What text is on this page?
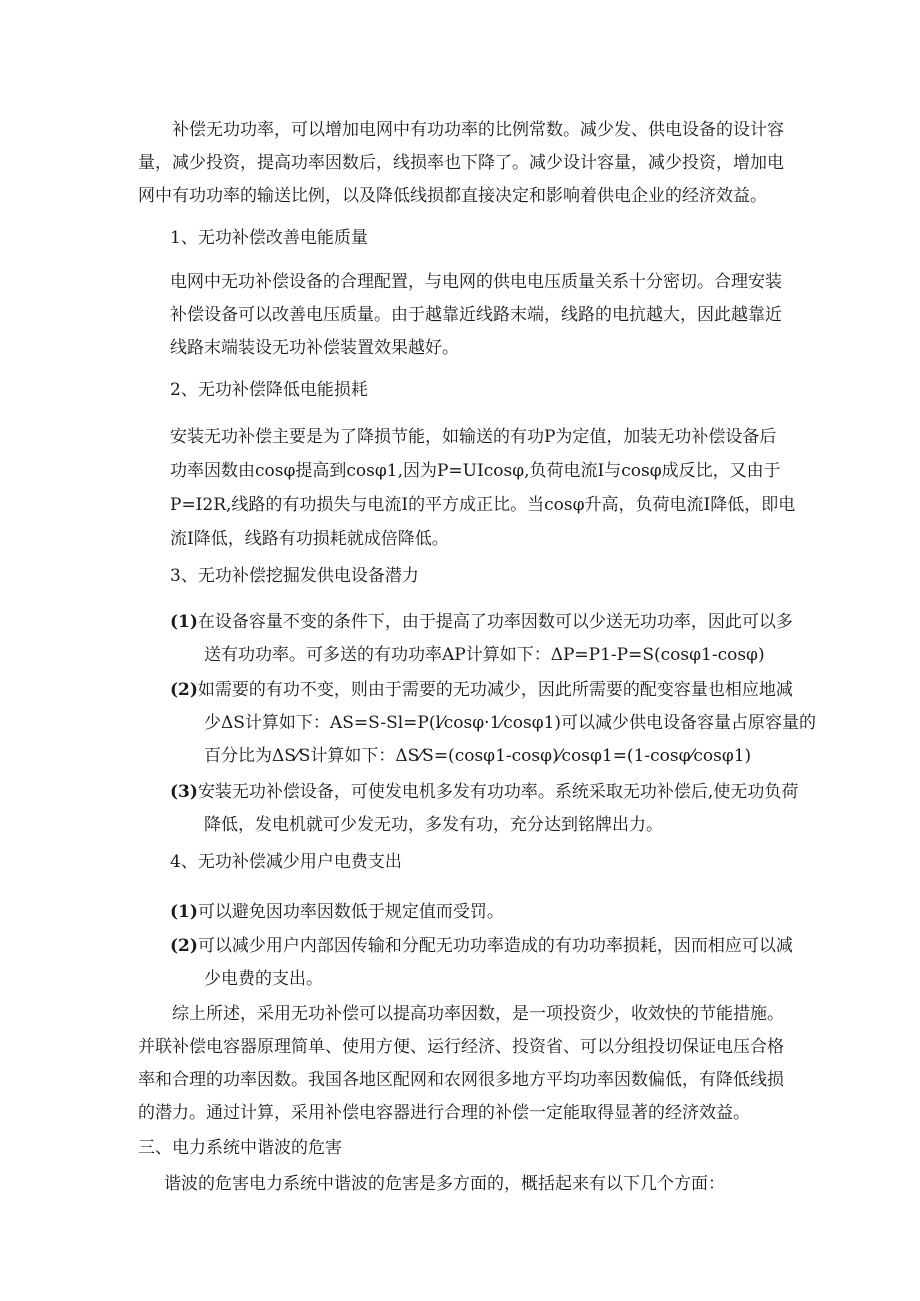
补偿无功功率，可以增加电网中有功功率的比例常数。减少发、供电设备的设计容
量，减少投资，提高功率因数后，线损率也下降了。减少设计容量，减少投资，增加电
网中有功功率的输送比例，以及降低线损都直接决定和影响着供电企业的经济效益。
1、无功补偿改善电能质量
电网中无功补偿设备的合理配置，与电网的供电电压质量关系十分密切。合理安装
补偿设备可以改善电压质量。由于越靠近线路末端，线路的电抗越大，因此越靠近
线路末端装设无功补偿装置效果越好。
2、无功补偿降低电能损耗
安装无功补偿主要是为了降损节能，如输送的有功P为定值，加装无功补偿设备后
功率因数由cosφ提高到cosφ1,因为P=UIcosφ,负荷电流I与cosφ成反比，又由于
P=I2R,线路的有功损失与电流I的平方成正比。当cosφ升高，负荷电流I降低，即电
流I降低，线路有功损耗就成倍降低。
3、无功补偿挖掘发供电设备潜力
(1)在设备容量不变的条件下，由于提高了功率因数可以少送无功功率，因此可以多
送有功功率。可多送的有功功率AP计算如下：ΔP=P1-P=S(cosφ1-cosφ)
(2)如需要的有功不变，则由于需要的无功减少，因此所需要的配变容量也相应地减
少ΔS计算如下：AS=S-Sl=P(l⁄cosφ·1⁄cosφ1)可以减少供电设备容量占原容量的
百分比为ΔS⁄S计算如下：ΔS⁄S=(cosφ1-cosφ)⁄cosφ1=(1-cosφ⁄cosφ1)
(3)安装无功补偿设备，可使发电机多发有功功率。系统采取无功补偿后,使无功负荷
降低，发电机就可少发无功，多发有功，充分达到铭牌出力。
4、无功补偿减少用户电费支出
(1)可以避免因功率因数低于规定值而受罚。
(2)可以减少用户内部因传输和分配无功功率造成的有功功率损耗，因而相应可以减
少电费的支出。
综上所述，采用无功补偿可以提高功率因数，是一项投资少，收效快的节能措施。
并联补偿电容器原理简单、使用方便、运行经济、投资省、可以分组投切保证电压合格
率和合理的功率因数。我国各地区配网和农网很多地方平均功率因数偏低，有降低线损
的潜力。通过计算，采用补偿电容器进行合理的补偿一定能取得显著的经济效益。
三、电力系统中谐波的危害
谐波的危害电力系统中谐波的危害是多方面的，概括起来有以下几个方面：
